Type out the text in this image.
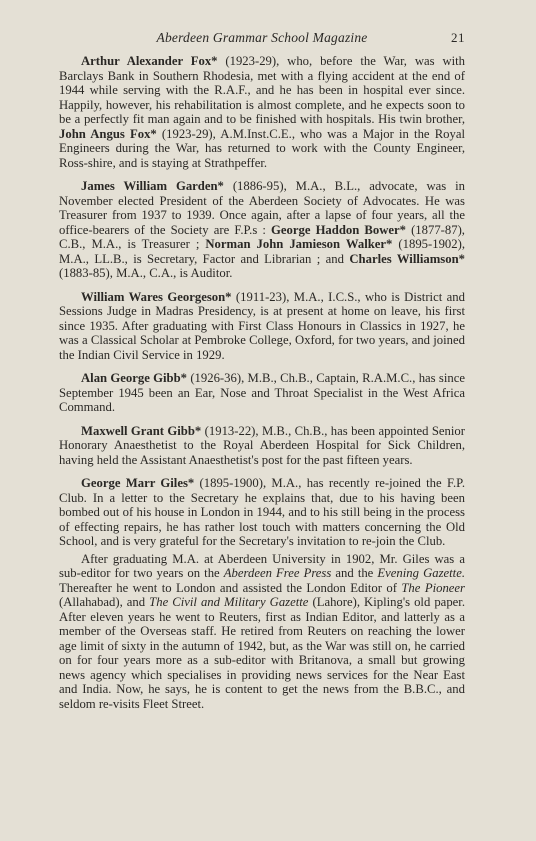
Aberdeen Grammar School Magazine	21

Arthur Alexander Fox* (1923-29), who, before the War, was with Barclays Bank in Southern Rhodesia, met with a flying accident at the end of 1944 while serving with the R.A.F., and he has been in hospital ever since. Happily, however, his rehabilitation is almost complete, and he expects soon to be a perfectly fit man again and to be finished with hospitals. His twin brother, John Angus Fox* (1923-29), A.M.Inst.C.E., who was a Major in the Royal Engineers during the War, has returned to work with the County Engineer, Ross-shire, and is staying at Strathpeffer.

James William Garden* (1886-95), M.A., B.L., advocate, was in November elected President of the Aberdeen Society of Advocates. He was Treasurer from 1937 to 1939. Once again, after a lapse of four years, all the office-bearers of the Society are F.P.s : George Haddon Bower* (1877-87), C.B., M.A., is Treasurer ; Norman John Jamieson Walker* (1895-1902), M.A., LL.B., is Secretary, Factor and Librarian ; and Charles Williamson* (1883-85), M.A., C.A., is Auditor.

William Wares Georgeson* (1911-23), M.A., I.C.S., who is District and Sessions Judge in Madras Presidency, is at present at home on leave, his first since 1935. After graduating with First Class Honours in Classics in 1927, he was a Classical Scholar at Pembroke College, Oxford, for two years, and joined the Indian Civil Service in 1929.

Alan George Gibb* (1926-36), M.B., Ch.B., Captain, R.A.M.C., has since September 1945 been an Ear, Nose and Throat Specialist in the West Africa Command.

Maxwell Grant Gibb* (1913-22), M.B., Ch.B., has been appointed Senior Honorary Anaesthetist to the Royal Aberdeen Hospital for Sick Children, having held the Assistant Anaesthetist's post for the past fifteen years.

George Marr Giles* (1895-1900), M.A., has recently re-joined the F.P. Club. In a letter to the Secretary he explains that, due to his having been bombed out of his house in London in 1944, and to his still being in the process of effecting repairs, he has rather lost touch with matters concerning the Old School, and is very grateful for the Secretary's invitation to re-join the Club.

After graduating M.A. at Aberdeen University in 1902, Mr. Giles was a sub-editor for two years on the Aberdeen Free Press and the Evening Gazette. Thereafter he went to London and assisted the London Editor of The Pioneer (Allahabad), and The Civil and Military Gazette (Lahore), Kipling's old paper. After eleven years he went to Reuters, first as Indian Editor, and latterly as a member of the Overseas staff. He retired from Reuters on reaching the lower age limit of sixty in the autumn of 1942, but, as the War was still on, he carried on for four years more as a sub-editor with Britanova, a small but growing news agency which specialises in providing news services for the Near East and India. Now, he says, he is content to get the news from the B.B.C., and seldom re-visits Fleet Street.
